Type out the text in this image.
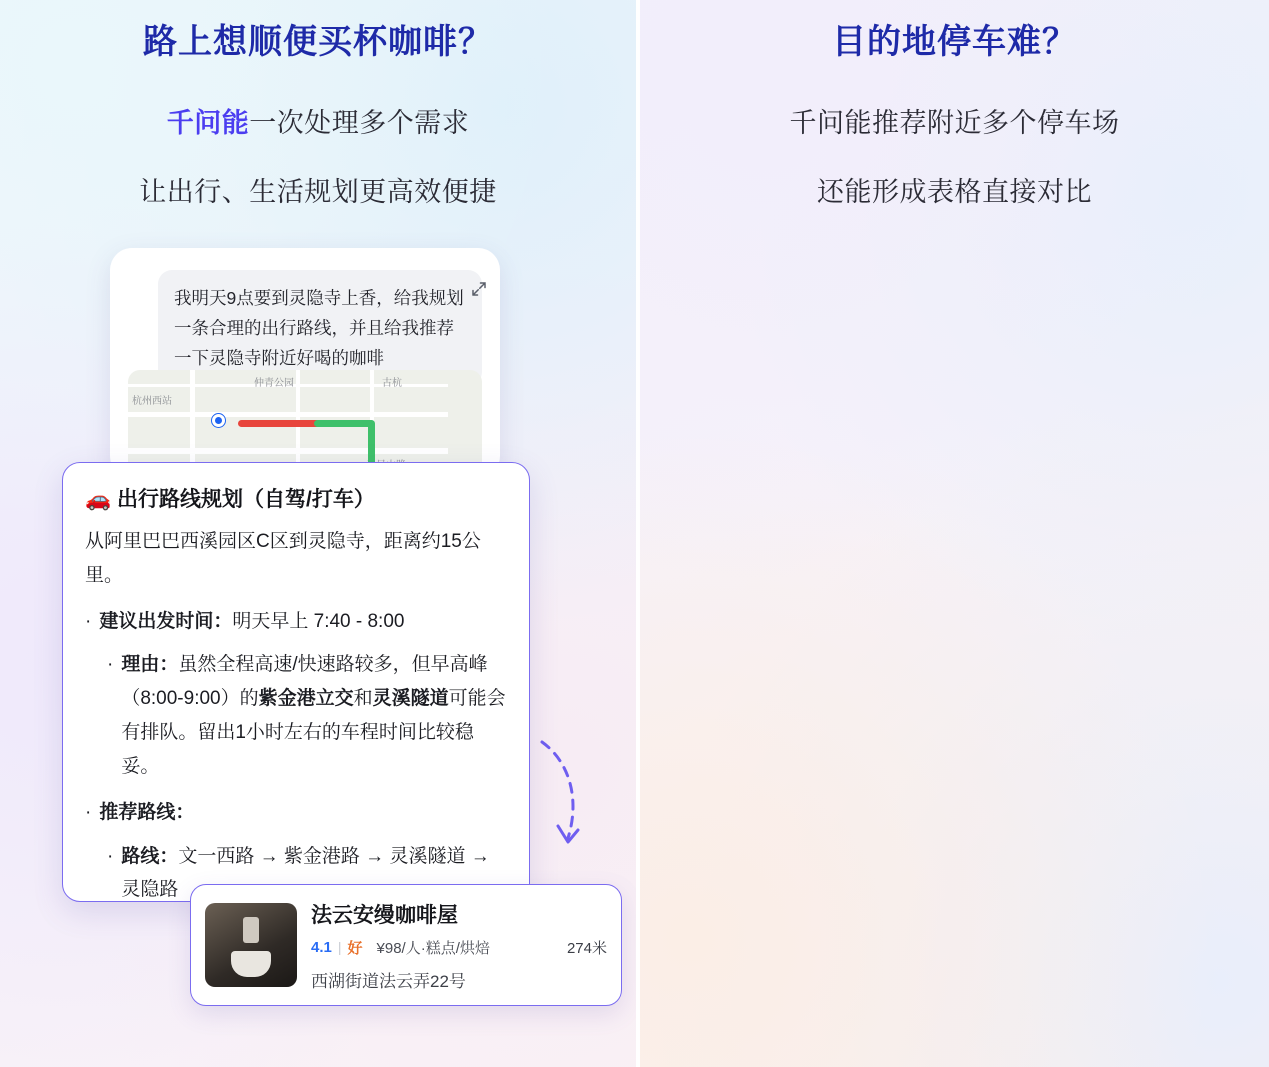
路上想顺便买杯咖啡？
千问能一次处理多个需求
让出行、生活规划更高效便捷
我明天9点要到灵隐寺上香，给我规划一条合理的出行路线，并且给我推荐一下灵隐寺附近好喝的咖啡
杭州西站
仲青公园	古杭
🚗 出行路线规划（自驾/打车）
从阿里巴巴西溪园区C区到灵隐寺，距离约15公里。
· 建议出发时间：明天早上 7:40 - 8:00
· 理由：虽然全程高速/快速路较多，但早高峰（8:00-9:00）的紫金港立交和灵溪隧道可能会有排队。留出1小时左右的车程时间比较稳妥。
· 推荐路线：
· 路线：文一西路 → 紫金港路 → 灵溪隧道 → 灵隐路
法云安缦咖啡屋
4.1 | 好 ¥98/人·糕点/烘焙	274米
西湖街道法云弄22号
目的地停车难？
千问能推荐附近多个停车场
还能形成表格直接对比
